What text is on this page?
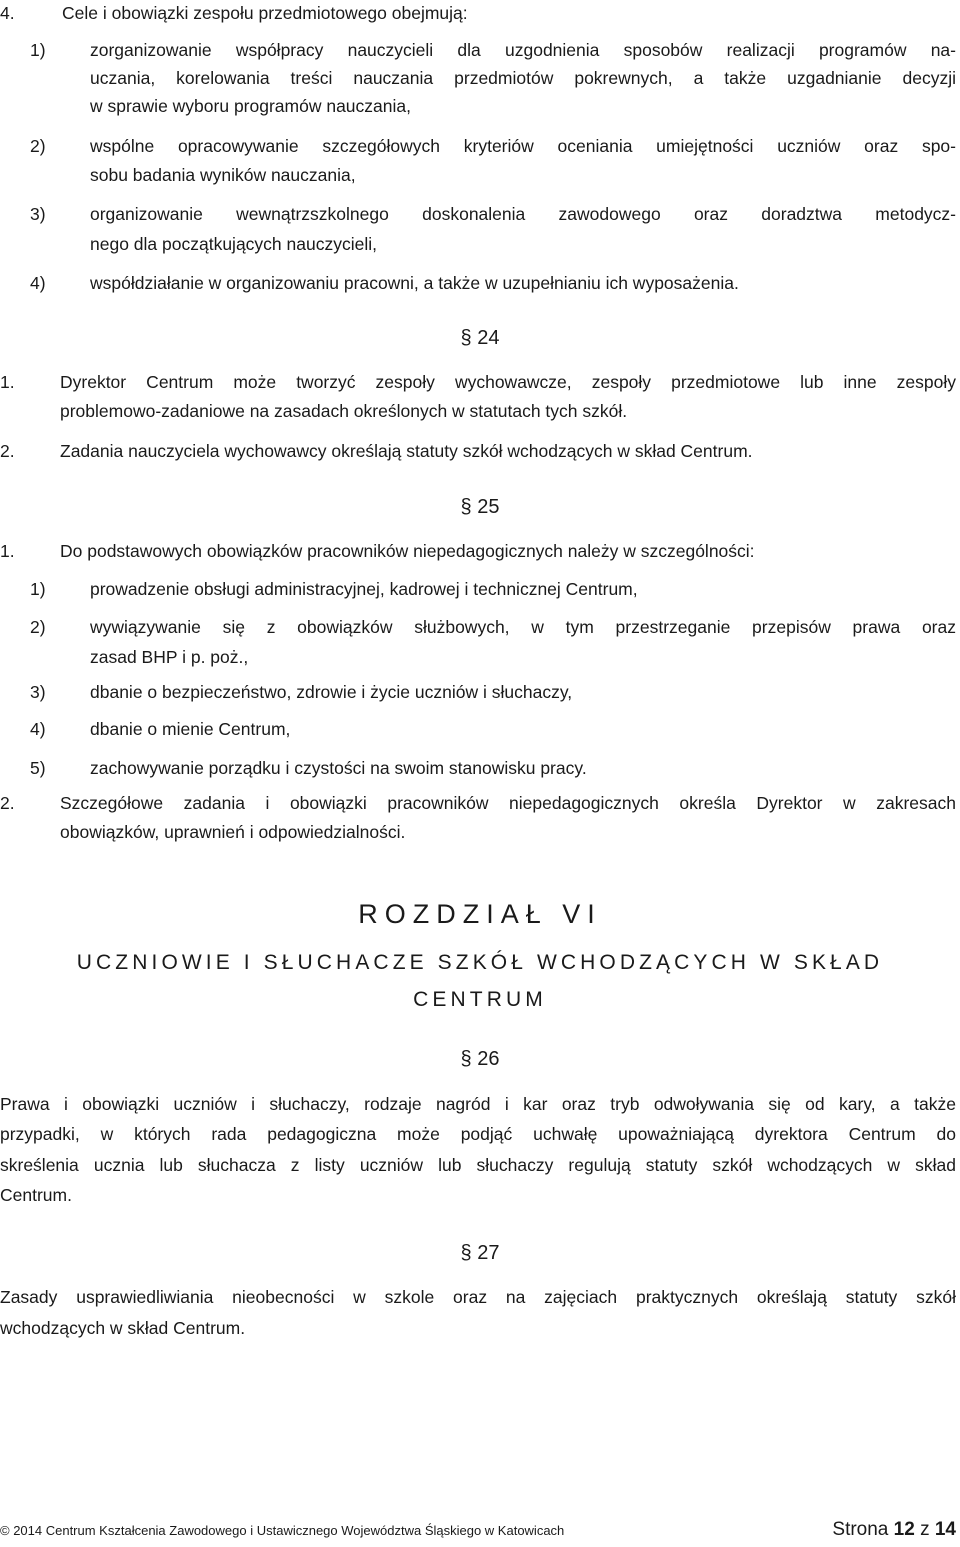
4.	Cele i obowiązki zespołu przedmiotowego obejmują:
1)	zorganizowanie współpracy nauczycieli dla uzgodnienia sposobów realizacji programów na-
uczania, korelowania treści nauczania przedmiotów pokrewnych, a także uzgadnianie decyzji
w sprawie wyboru programów nauczania,
2)	wspólne opracowywanie szczegółowych kryteriów oceniania umiejętności uczniów oraz spo-
sobu badania wyników nauczania,
3)	organizowanie wewnątrzszkolnego doskonalenia zawodowego oraz doradztwa metodycz-
nego dla początkujących nauczycieli,
4)	współdziałanie w organizowaniu pracowni, a także w uzupełnianiu ich wyposażenia.
§ 24
1.	Dyrektor Centrum może tworzyć zespoły wychowawcze, zespoły przedmiotowe lub inne zespoły
problemowo-zadaniowe na zasadach określonych w statutach tych szkół.
2.	Zadania nauczyciela wychowawcy określają statuty szkół wchodzących w skład Centrum.
§ 25
1.	Do podstawowych obowiązków pracowników niepedagogicznych należy w szczególności:
1)	prowadzenie obsługi administracyjnej, kadrowej i technicznej Centrum,
2)	wywiązywanie się z obowiązków służbowych, w tym przestrzeganie przepisów prawa oraz
zasad BHP i p. poż.,
3)	dbanie o bezpieczeństwo, zdrowie i życie uczniów i słuchaczy,
4)	dbanie o mienie Centrum,
5)	zachowywanie porządku i czystości na swoim stanowisku pracy.
2.	Szczegółowe zadania i obowiązki pracowników niepedagogicznych określa Dyrektor w zakresach
obowiązków, uprawnień i odpowiedzialności.
ROZDZIAŁ VI
UCZNIOWIE I SŁUCHACZE SZKÓŁ WCHODZĄCYCH W SKŁAD
CENTRUM
§ 26
Prawa i obowiązki uczniów i słuchaczy, rodzaje nagród i kar oraz tryb odwoływania się od kary, a także
przypadki, w których rada pedagogiczna może podjąć uchwałę upoważniającą dyrektora Centrum do
skreślenia ucznia lub słuchacza z listy uczniów lub słuchaczy regulują statuty szkół wchodzących w skład
Centrum.
§ 27
Zasady usprawiedliwiania nieobecności w szkole oraz na zajęciach praktycznych określają statuty szkół
wchodzących w skład Centrum.
© 2014 Centrum Kształcenia Zawodowego i Ustawicznego Województwa Śląskiego w Katowicach	Strona 12 z 14
